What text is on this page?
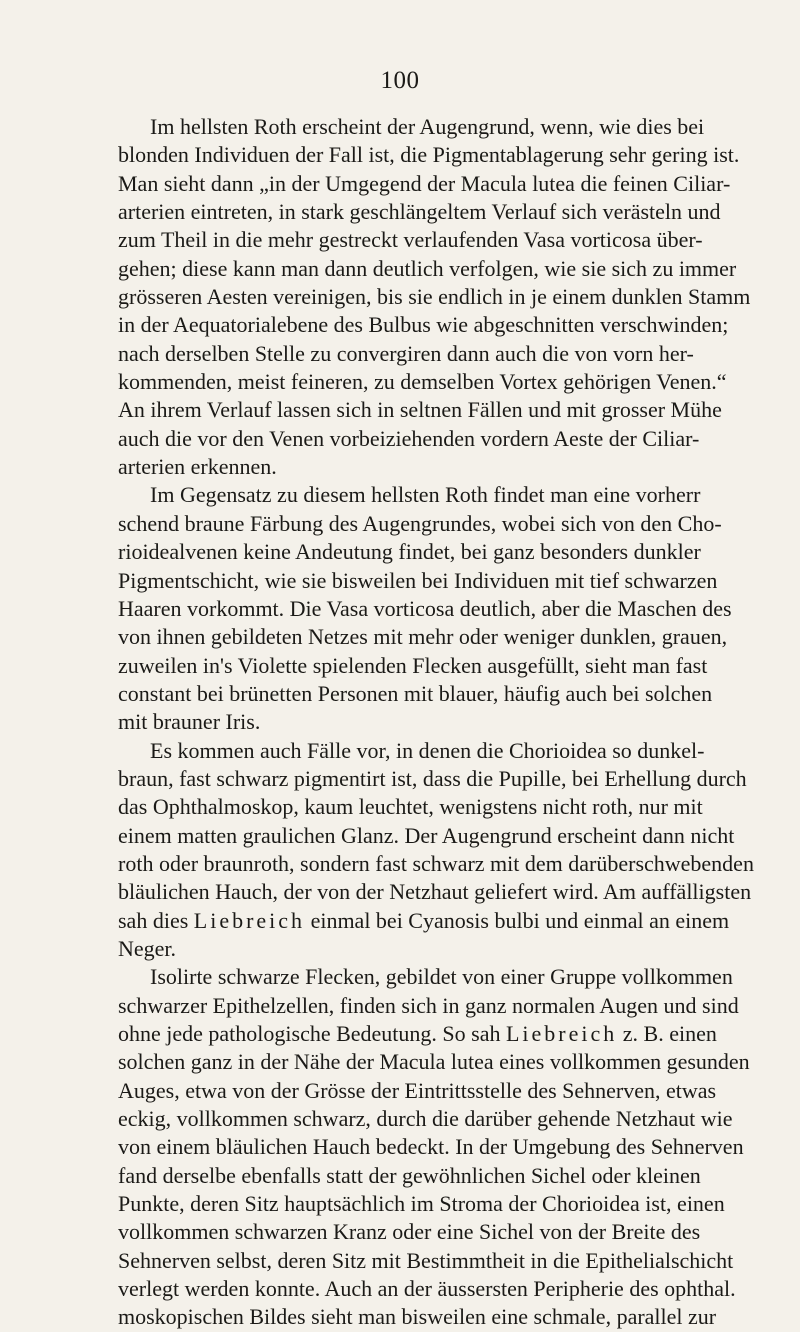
100
Im hellsten Roth erscheint der Augengrund, wenn, wie dies bei
blonden Individuen der Fall ist, die Pigmentablagerung sehr gering ist.
Man sieht dann „in der Umgegend der Macula lutea die feinen Ciliar-
arterien eintreten, in stark geschlängeltem Verlauf sich verästeln und
zum Theil in die mehr gestreckt verlaufenden Vasa vorticosa über-
gehen; diese kann man dann deutlich verfolgen, wie sie sich zu immer
grösseren Aesten vereinigen, bis sie endlich in je einem dunklen Stamm
in der Aequatorialebene des Bulbus wie abgeschnitten verschwinden;
nach derselben Stelle zu convergiren dann auch die von vorn her-
kommenden, meist feineren, zu demselben Vortex gehörigen Venen.“
An ihrem Verlauf lassen sich in seltnen Fällen und mit grosser Mühe
auch die vor den Venen vorbeiziehenden vordern Aeste der Ciliar-
arterien erkennen.
Im Gegensatz zu diesem hellsten Roth findet man eine vorherr
schend braune Färbung des Augengrundes, wobei sich von den Cho-
rioidealvenen keine Andeutung findet, bei ganz besonders dunkler
Pigmentschicht, wie sie bisweilen bei Individuen mit tief schwarzen
Haaren vorkommt. Die Vasa vorticosa deutlich, aber die Maschen des
von ihnen gebildeten Netzes mit mehr oder weniger dunklen, grauen,
zuweilen in's Violette spielenden Flecken ausgefüllt, sieht man fast
constant bei brünetten Personen mit blauer, häufig auch bei solchen
mit brauner Iris.
Es kommen auch Fälle vor, in denen die Chorioidea so dunkel-
braun, fast schwarz pigmentirt ist, dass die Pupille, bei Erhellung durch
das Ophthalmoskop, kaum leuchtet, wenigstens nicht roth, nur mit
einem matten graulichen Glanz. Der Augengrund erscheint dann nicht
roth oder braunroth, sondern fast schwarz mit dem darüberschwebenden
bläulichen Hauch, der von der Netzhaut geliefert wird. Am auffälligsten
sah dies Liebreich einmal bei Cyanosis bulbi und einmal an einem
Neger.
Isolirte schwarze Flecken, gebildet von einer Gruppe vollkommen
schwarzer Epithelzellen, finden sich in ganz normalen Augen und sind
ohne jede pathologische Bedeutung. So sah Liebreich z. B. einen
solchen ganz in der Nähe der Macula lutea eines vollkommen gesunden
Auges, etwa von der Grösse der Eintrittsstelle des Sehnerven, etwas
eckig, vollkommen schwarz, durch die darüber gehende Netzhaut wie
von einem bläulichen Hauch bedeckt. In der Umgebung des Sehnerven
fand derselbe ebenfalls statt der gewöhnlichen Sichel oder kleinen
Punkte, deren Sitz hauptsächlich im Stroma der Chorioidea ist, einen
vollkommen schwarzen Kranz oder eine Sichel von der Breite des
Sehnerven selbst, deren Sitz mit Bestimmtheit in die Epithelialschicht
verlegt werden konnte. Auch an der äussersten Peripherie des ophthal.
moskopischen Bildes sieht man bisweilen eine schmale, parallel zur
